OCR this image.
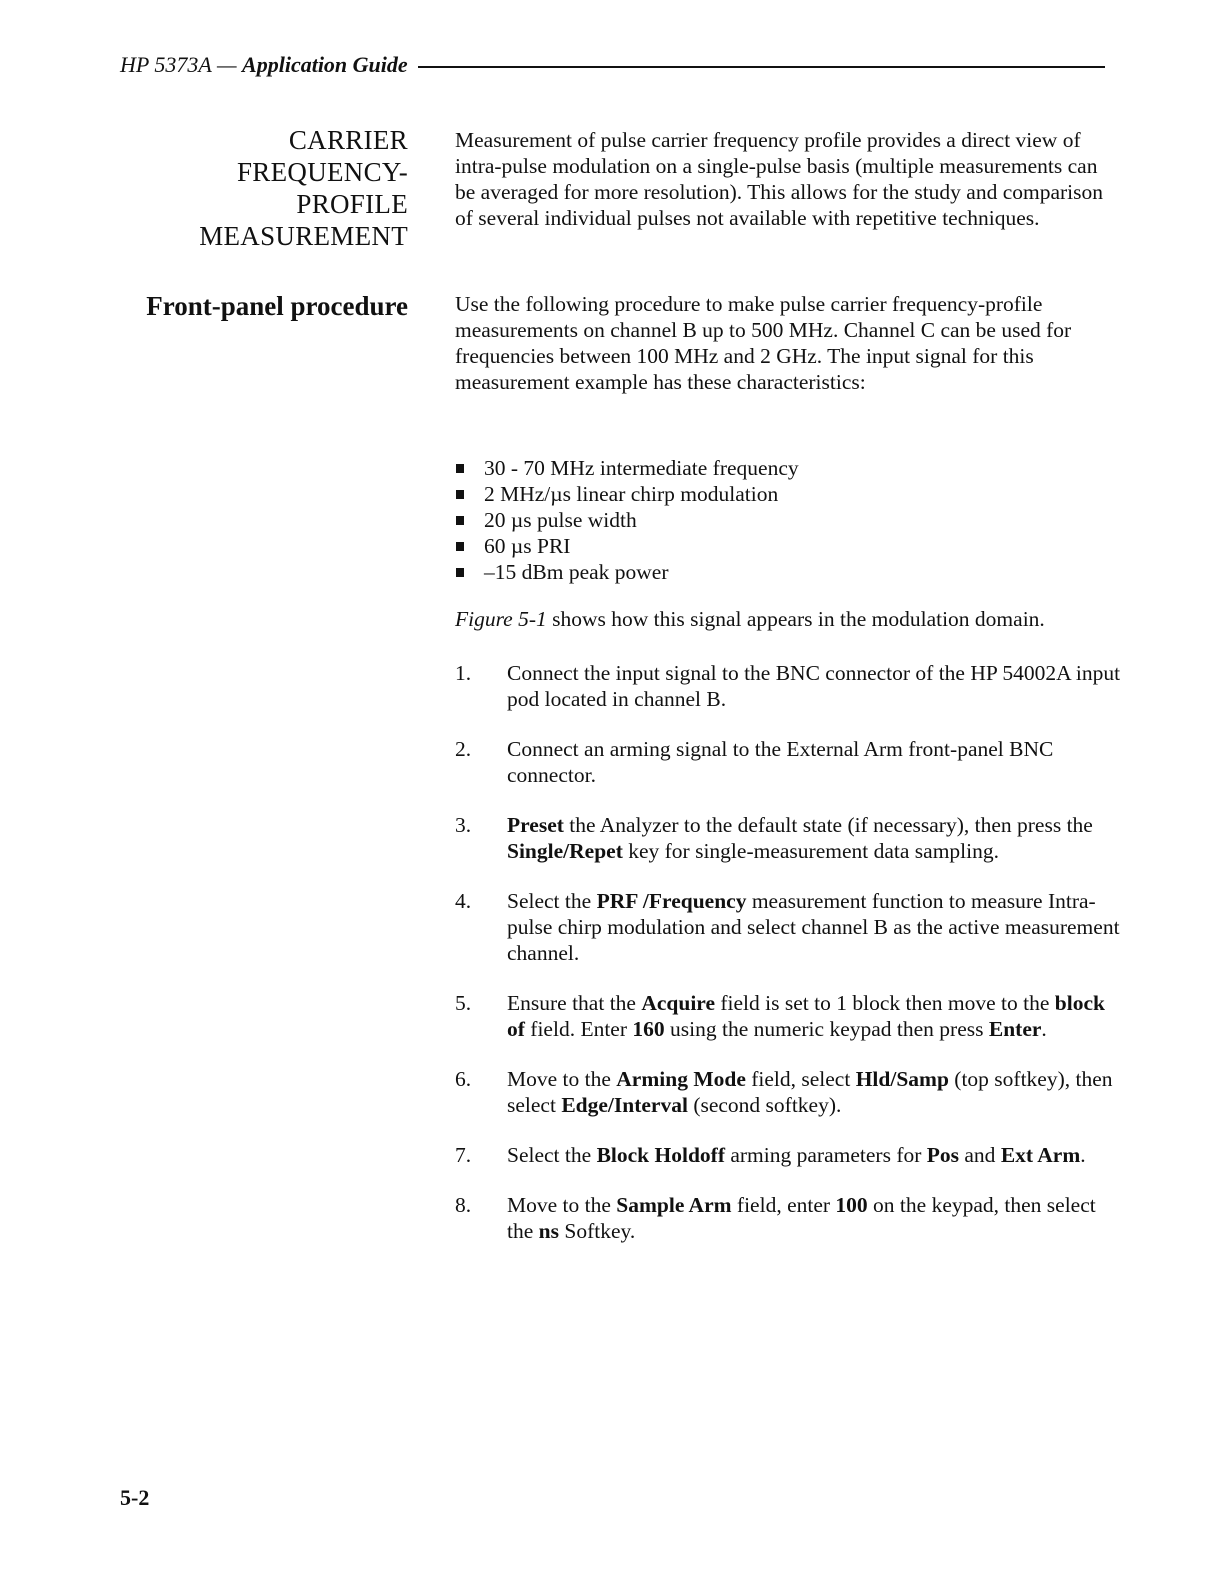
HP 5373A — Application Guide
CARRIER
FREQUENCY-
PROFILE
MEASUREMENT
Measurement of pulse carrier frequency profile provides a direct view of intra-pulse modulation on a single-pulse basis (multiple measurements can be averaged for more resolution). This allows for the study and comparison of several individual pulses not available with repetitive techniques.
Front-panel procedure Use the following procedure to make pulse carrier frequency-profile measurements on channel B up to 500 MHz. Channel C can be used for frequencies between 100 MHz and 2 GHz. The input signal for this measurement example has these characteristics:
30 - 70 MHz intermediate frequency
2 MHz/µs linear chirp modulation
20 µs pulse width
60 µs PRI
–15 dBm peak power
Figure 5-1 shows how this signal appears in the modulation domain.
1.	Connect the input signal to the BNC connector of the HP 54002A input pod located in channel B.
2.	Connect an arming signal to the External Arm front-panel BNC connector.
3.	Preset the Analyzer to the default state (if necessary), then press the Single/Repet key for single-measurement data sampling.
4.	Select the PRF /Frequency measurement function to measure Intra-pulse chirp modulation and select channel B as the active measurement channel.
5.	Ensure that the Acquire field is set to 1 block then move to the block of field. Enter 160 using the numeric keypad then press Enter.
6.	Move to the Arming Mode field, select Hld/Samp (top softkey), then select Edge/Interval (second softkey).
7.	Select the Block Holdoff arming parameters for Pos and Ext Arm.
8.	Move to the Sample Arm field, enter 100 on the keypad, then select the ns Softkey.
5-2
